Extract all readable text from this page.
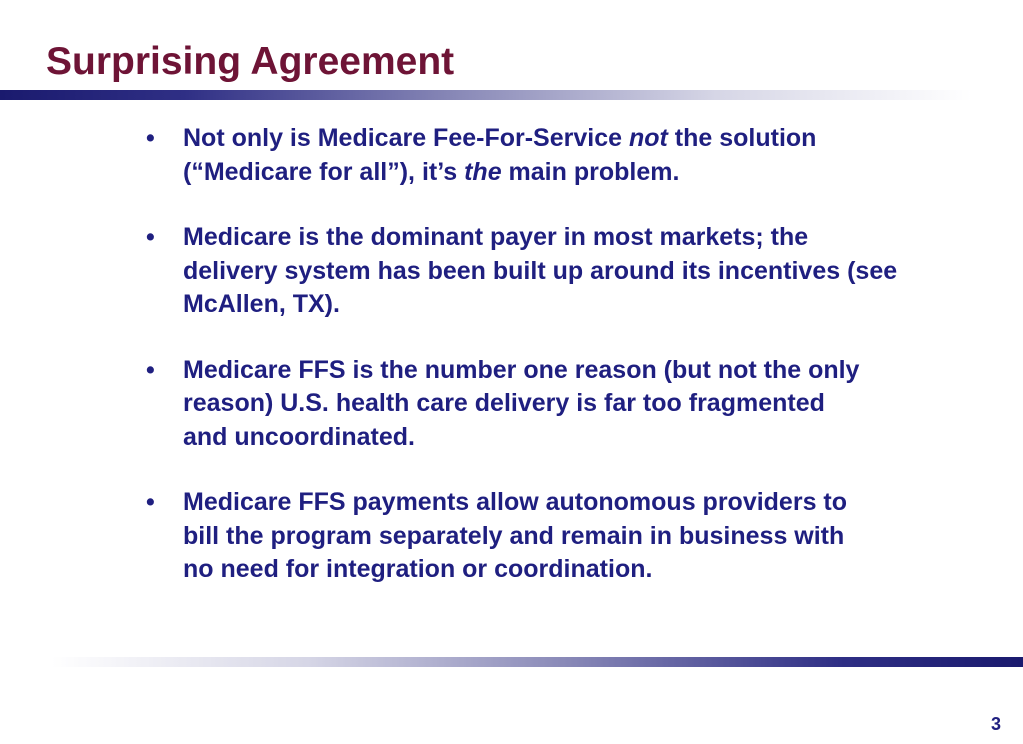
Surprising Agreement
• Not only is Medicare Fee-For-Service not the solution (“Medicare for all”), it’s the main problem.
• Medicare is the dominant payer in most markets; the delivery system has been built up around its incentives (see McAllen, TX).
• Medicare FFS is the number one reason (but not the only reason) U.S. health care delivery is far too fragmented and uncoordinated.
• Medicare FFS payments allow autonomous providers to bill the program separately and remain in business with no need for integration or coordination.
3
